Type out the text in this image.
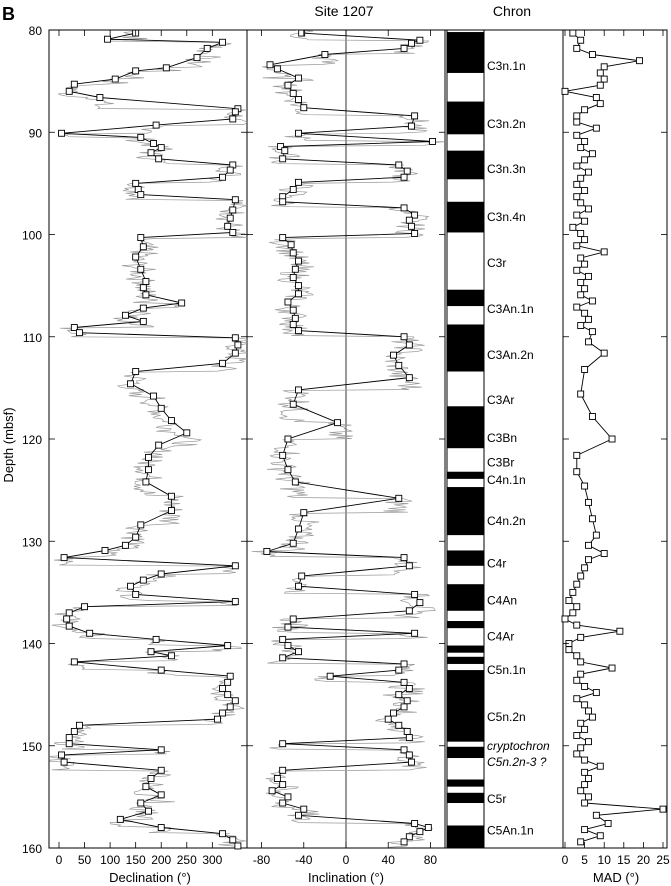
B	Site 1207	Chron
Depth (mbsf)
80
90
100
110
120
130
140
150
160
C3n.1n
C3n.2n
C3n.3n
C3n.4n
C3r
C3An.1n
C3An.2n
C3Ar
C3Bn
C3Br
C4n.1n
C4n.2n
C4r
C4An
C4Ar
C5n.1n
C5n.2n
cryptochron
C5n.2n-3 ?
C5r
C5An.1n
0 50 100 150 200 250 300	-80 -40	0	40 80	0 5 10 15 20 25
Declination (°)	Inclination (°)	MAD (°)
